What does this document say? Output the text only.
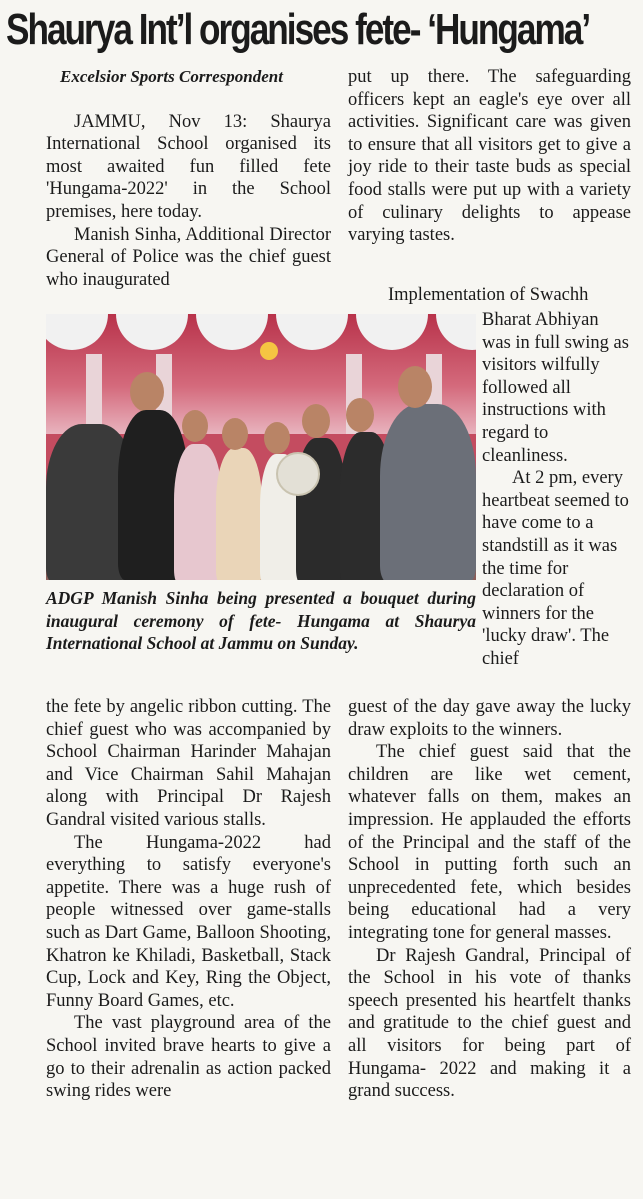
Shaurya Int’l organises fete- ‘Hungama’

Excelsior Sports Correspondent

JAMMU, Nov 13: Shaurya International School organised its most awaited fun filled fete 'Hungama-2022' in the School premises, here today.

Manish Sinha, Additional Director General of Police was the chief guest who inaugurated

put up there. The safeguarding officers kept an eagle's eye over all activities. Significant care was given to ensure that all visitors get to give a joy ride to their taste buds as special food stalls were put up with a variety of culinary delights to appease varying tastes.

Implementation of Swachh

Bharat Abhiyan was in full swing as visitors wilfully followed all instructions with regard to cleanliness.

At 2 pm, every heartbeat seemed to have come to a standstill as it was the time for declaration of winners for the 'lucky draw'. The chief

ADGP Manish Sinha being presented a bouquet during inaugural ceremony of fete- Hungama at Shaurya International School at Jammu on Sunday.

the fete by angelic ribbon cutting. The chief guest who was accompanied by School Chairman Harinder Mahajan and Vice Chairman Sahil Mahajan along with Principal Dr Rajesh Gandral visited various stalls.

The Hungama-2022 had everything to satisfy everyone's appetite. There was a huge rush of people witnessed over game-stalls such as Dart Game, Balloon Shooting, Khatron ke Khiladi, Basketball, Stack Cup, Lock and Key, Ring the Object, Funny Board Games, etc.

The vast playground area of the School invited brave hearts to give a go to their adrenalin as action packed swing rides were

guest of the day gave away the lucky draw exploits to the winners.

The chief guest said that the children are like wet cement, whatever falls on them, makes an impression. He applauded the efforts of the Principal and the staff of the School in putting forth such an unprecedented fete, which besides being educational had a very integrating tone for general masses.

Dr Rajesh Gandral, Principal of the School in his vote of thanks speech presented his heartfelt thanks and gratitude to the chief guest and all visitors for being part of Hungama- 2022 and making it a grand success.
